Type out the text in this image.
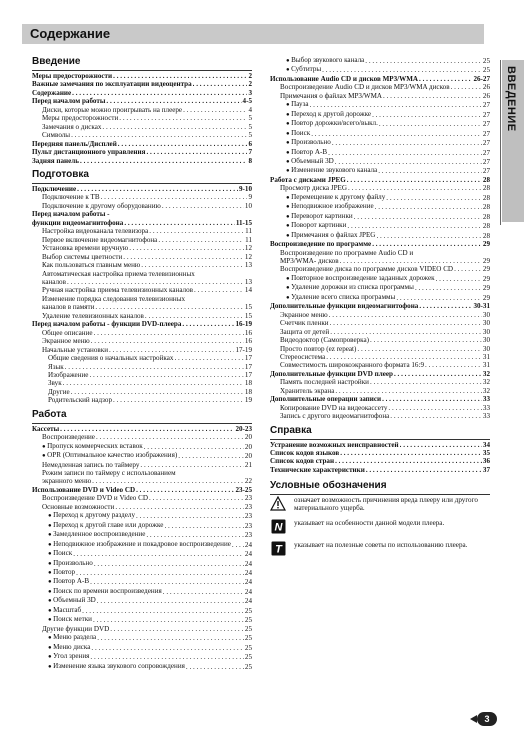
Содержание
Введение
Меры предосторожности . . .	2
Важные замечания по эксплуатации видеоцентра . . .	2
Содержание . . .	3
Перед началом работы . . .	4-5
Диски, которые можно проигрывать на плеере . . .	4
Меры предосторожности . . .	5
Замечания о дисках . . .	5
Символы . . .	5
Передняя панель/Дисплей . . .	6
Пульт дистанционного управления . . .	7
Задняя панель . . .	8
Подготовка
Подключение . . .	9-10
Подключение к ТВ . . .	9
Подключение к другому оборудованию . . .	10
Перед началом работы -
функции видеомагнитофона . . .	11-15
Настройка видеоканала телевизора . . .	11
Первое включение видеомагнитофона . . .	11
Установка времени вручную . . .	12
Выбор системы цветности . . .	12
Как пользоваться главным меню . . .	13
Автоматическая настройка приема телевизионных
каналов . . .	13
Ручная настройка приема телевизионных каналов . . .	14
Изменение порядка следования телевизионных
каналов в памяти . . .	15
Удаление телевизионных каналов . . .	15
Перед началом работы - функции DVD-плеера . . .	16-19
Общее описание . . .	16
Экранное меню . . .	16
Начальные установки . . .	17-19
Общие сведения о начальных настройках . . .	17
Язык . . .	17
Изображение . . .	17
Звук . . .	18
Другие . . .	18
Родительский надзор . . .	19
Работа
Кассеты . . .	20-23
Воспроизведение . . .	20
● Пропуск коммерческих вставок . . .	20
● OPR (Оптимальное качество изображения) . . .	20
Немедленная запись по таймеру . . .	21
Режим записи по таймеру с использованием
экранного меню . . .	22
Использование DVD и Video CD . . .	23-25
Воспроизведение DVD и Video CD . . .	23
Основные возможности . . .	23
● Переход к другому разделу . . .	23
● Переход к другой главе или дорожке . . .	23
● Замедленное воспроизведение . . .	23
● Неподвижное изображение и покадровое воспроизведение . . . 24
● Поиск . . .	24
● Произвольно . . .	24
● Повтор . . .	24
● Повтор A-B . . .	24
● Поиск по времени воспроизведения . . .	24
● Объемный 3D . . .	24
● Масштаб . . .	25
● Поиск метки . . .	25
Другие функции DVD . . .	25
● Меню раздела . . .	25
● Меню диска . . .	25
● Угол зрения . . .	25
● Изменение языка звукового сопровождения . . .	25
● Выбор звукового канала . . .	25
● Субтитры . . .	25
Использование Audio CD и дисков MP3/WMA . . .	26-27
Воспроизведение Audio CD и дисков MP3/WMA дисков . . .	26
Примечания о файлах MP3/WMA . . .	26
● Пауза . . .	27
● Переход к другой дорожке . . .	27
● Повтор дорожки/всего/выкл. . . .	27
● Поиск . . .	27
● Произвольно . . .	27
● Повтор A-B . . .	27
● Объемный 3D . . .	27
● Изменение звукового канала . . .	27
Работа с дисками JPEG . . .	28
Просмотр диска JPEG . . .	28
● Перемещение к другому файлу . . .	28
● Неподвижное изображение . . .	28
● Переворот картинки . . .	28
● Поворот картинки . . .	28
● Примечания о файлах JPEG . . .	28
Воспроизведение по программе . . .	29
Воспроизведение по программе Audio CD и
MP3/WMA- дисков . . .	29
Воспроизведение диска по программе дисков VIDEO CD . . .	29
● Повторное воспроизведение заданных дорожек . . .	29
● Удаление дорожки из списка программы . . .	29
● Удаление всего списка программы . . .	29
Дополнительные функции видеомагнитофона . . .	30-31
Экранное меню . . .	30
Счетчик пленки . . .	30
Защита от детей . . .	30
Видеодоктор (Самопроверка) . . .	30
Просто повтор (ez repeat) . . .	30
Стереосистема . . .	31
Совместимость широкоэкранного формата 16:9 . . .	31
Дополнительные функции DVD плеер . . .	32
Память последней настройки . . .	32
Хранитель экрана . . .	32
Дополнительные операции записи . . .	33
Копирование DVD на видеокассету . . .	33
Запись с другого видеомагнитофона . . .	33
Справка
Устранение возможных неисправностей . . .	34
Список кодов языков . . .	35
Список кодов стран . . .	36
Технические характеристики . . .	37
Условные обозначения
означает возможность причинения вреда плееру или другого материального ущерба.
N указывает на особенности данной модели плеера.
T указывает на полезные советы по использованию плеера.
ВВЕДЕНИЕ
3
